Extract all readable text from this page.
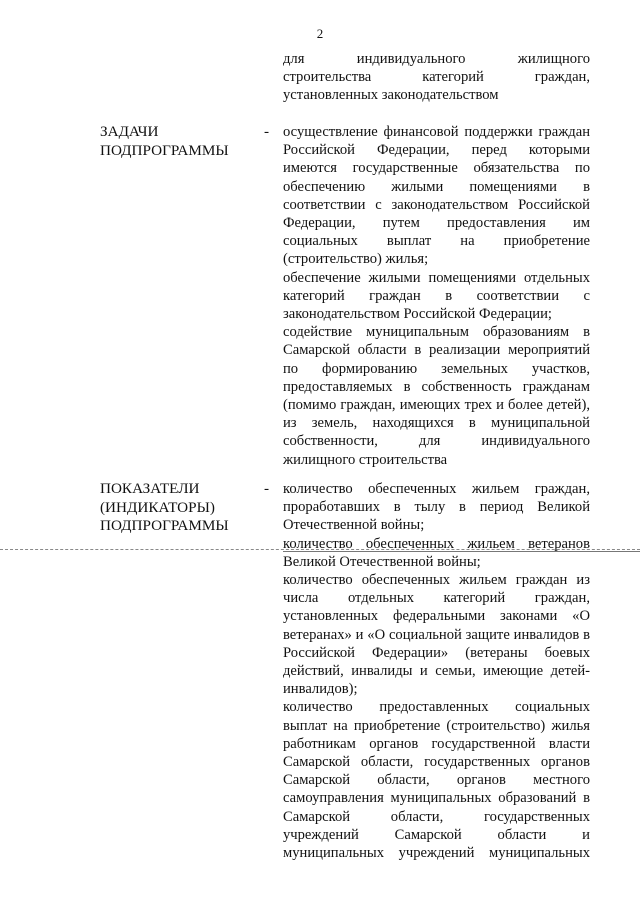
2

для индивидуального жилищного

строительства категорий граждан,

установленных законодательством

ЗАДАЧИ
ПОДПРОГРАММЫ
- осуществление финансовой поддержки граждан Российской Федерации, перед которыми имеются государственные обязательства по обеспечению жилыми помещениями в соответствии с законодательством Российской Федерации, путем предоставления им социальных выплат на приобретение (строительство) жилья;

обеспечение жилыми помещениями отдельных категорий граждан в соответствии с законодательством Российской Федерации;

содействие муниципальным образованиям в Самарской области в реализации мероприятий по формированию земельных участков, предоставляемых в собственность гражданам (помимо граждан, имеющих трех и более детей), из земель, находящихся в муниципальной собственности, для индивидуального жилищного строительства

ПОКАЗАТЕЛИ
(ИНДИКАТОРЫ)
ПОДПРОГРАММЫ
- количество обеспеченных жильем граждан, проработавших в тылу в период Великой Отечественной войны;

количество обеспеченных жильем ветеранов Великой Отечественной войны;

количество обеспеченных жильем граждан из числа отдельных категорий граждан, установленных федеральными законами «О ветеранах» и «О социальной защите инвалидов в Российской Федерации» (ветераны боевых действий, инвалиды и семьи, имеющие детей-инвалидов);

количество предоставленных социальных выплат на приобретение (строительство) жилья работникам органов государственной власти Самарской области, государственных органов Самарской области, органов местного самоуправления муниципальных образований в Самарской области, государственных учреждений Самарской области и муниципальных учреждений муниципальных
